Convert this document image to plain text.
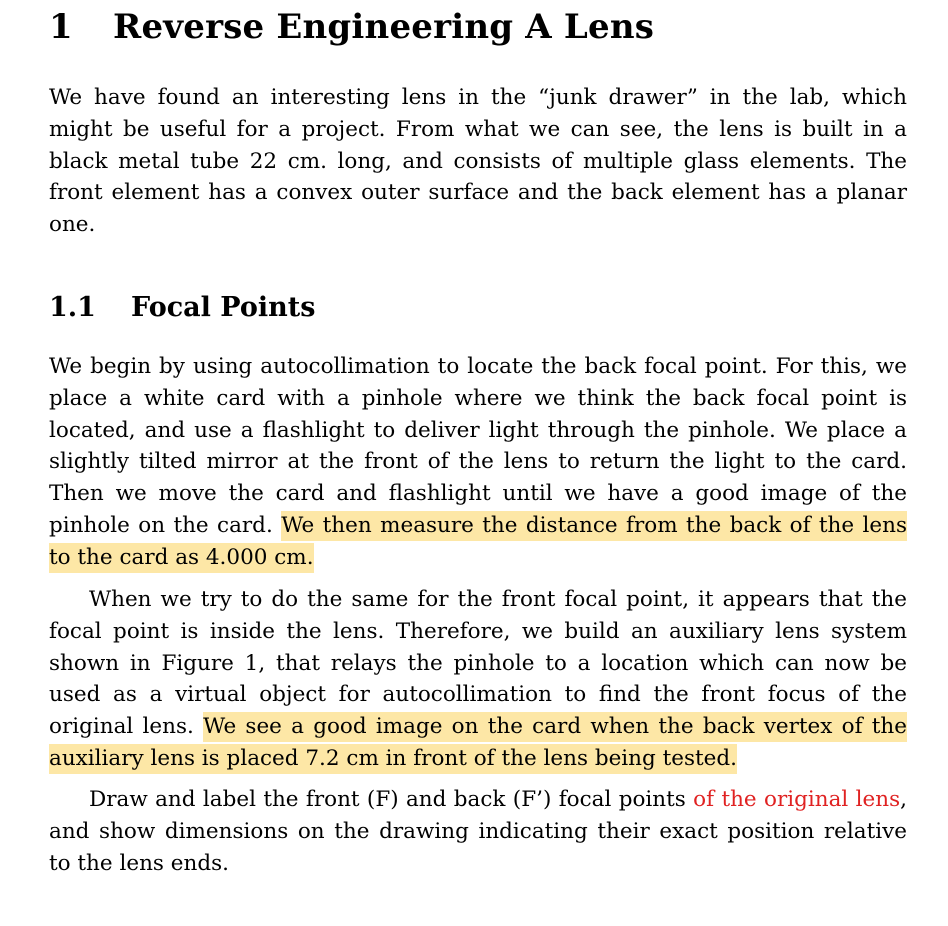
1 Reverse Engineering A Lens

We have found an interesting lens in the “junk drawer” in the lab, which might be useful for a project. From what we can see, the lens is built in a black metal tube 22 cm. long, and consists of multiple glass elements. The front element has a convex outer surface and the back element has a planar one.

1.1 Focal Points

We begin by using autocollimation to locate the back focal point. For this, we place a white card with a pinhole where we think the back focal point is located, and use a flashlight to deliver light through the pinhole. We place a slightly tilted mirror at the front of the lens to return the light to the card. Then we move the card and flashlight until we have a good image of the pinhole on the card. We then measure the distance from the back of the lens to the card as 4.000 cm.

When we try to do the same for the front focal point, it appears that the focal point is inside the lens. Therefore, we build an auxiliary lens system shown in Figure 1, that relays the pinhole to a location which can now be used as a virtual object for autocollimation to find the front focus of the original lens. We see a good image on the card when the back vertex of the auxiliary lens is placed 7.2 cm in front of the lens being tested.

Draw and label the front (F) and back (F’) focal points of the original lens, and show dimensions on the drawing indicating their exact position relative to the lens ends.
